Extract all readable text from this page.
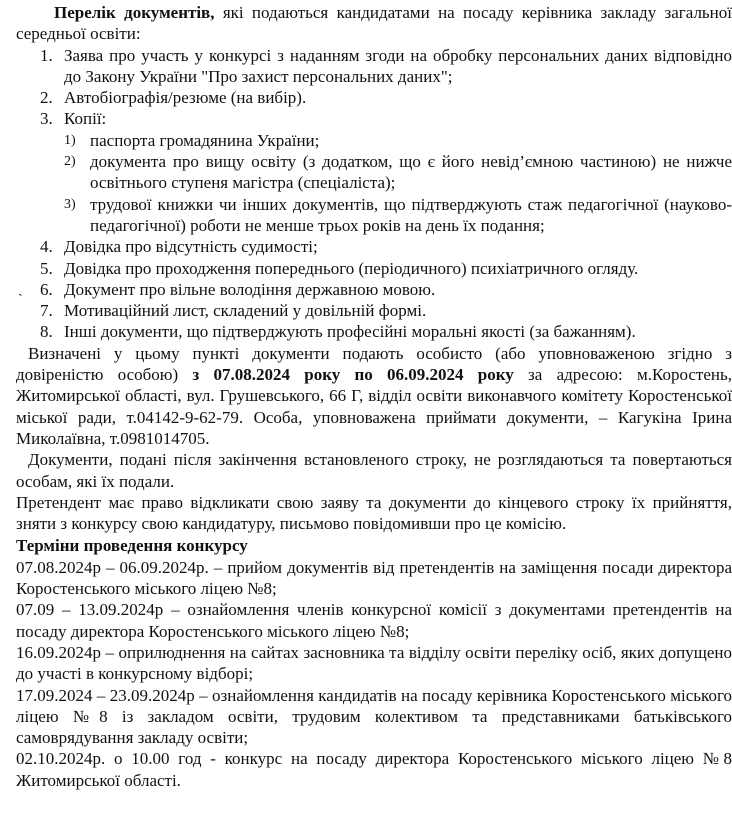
Перелік документів, які подаються кандидатами на посаду керівника закладу загальної середньої освіти:

1. Заява про участь у конкурсі з наданням згоди на обробку персональних даних відповідно до Закону України "Про захист персональних даних";
2. Автобіографія/резюме (на вибір).
3. Копії:
1) паспорта громадянина України;
2) документа про вищу освіту (з додатком, що є його невід’ємною частиною) не нижче освітнього ступеня магістра (спеціаліста);
3) трудової книжки чи інших документів, що підтверджують стаж педагогічної (науково-педагогічної) роботи не менше трьох років на день їх подання;
4. Довідка про відсутність судимості;
5. Довідка про проходження попереднього (періодичного) психіатричного огляду.
ˎ 6. Документ про вільне володіння державною мовою.
7. Мотиваційний лист, складений у довільній формі.
8. Інші документи, що підтверджують професійні моральні якості (за бажанням).

Визначені у цьому пункті документи подають особисто (або уповноваженою згідно з довіреністю особою) з 07.08.2024 року по 06.09.2024 року за адресою: м.Коростень, Житомирської області, вул. Грушевського, 66 Г, відділ освіти виконавчого комітету Коростенської міської ради, т.04142-9-62-79. Особа, уповноважена приймати документи, – Кагукіна Ірина Миколаївна, т.0981014705.

Документи, подані після закінчення встановленого строку, не розглядаються та повертаються особам, які їх подали.

Претендент має право відкликати свою заяву та документи до кінцевого строку їх прийняття, зняти з конкурсу свою кандидатуру, письмово повідомивши про це комісію.

Терміни проведення конкурсу

07.08.2024р – 06.09.2024р. – прийом документів від претендентів на заміщення посади директора Коростенського міського ліцею №8;

07.09 – 13.09.2024р – ознайомлення членів конкурсної комісії з документами претендентів на посаду директора Коростенського міського ліцею №8;

16.09.2024р – оприлюднення на сайтах засновника та відділу освіти переліку осіб, яких допущено до участі в конкурсному відборі;

17.09.2024 – 23.09.2024р – ознайомлення кандидатів на посаду керівника Коростенського міського ліцею №8 із закладом освіти, трудовим колективом та представниками батьківського самоврядування закладу освіти;

02.10.2024р. о 10.00 год - конкурс на посаду директора Коростенського міського ліцею №8 Житомирської області.
